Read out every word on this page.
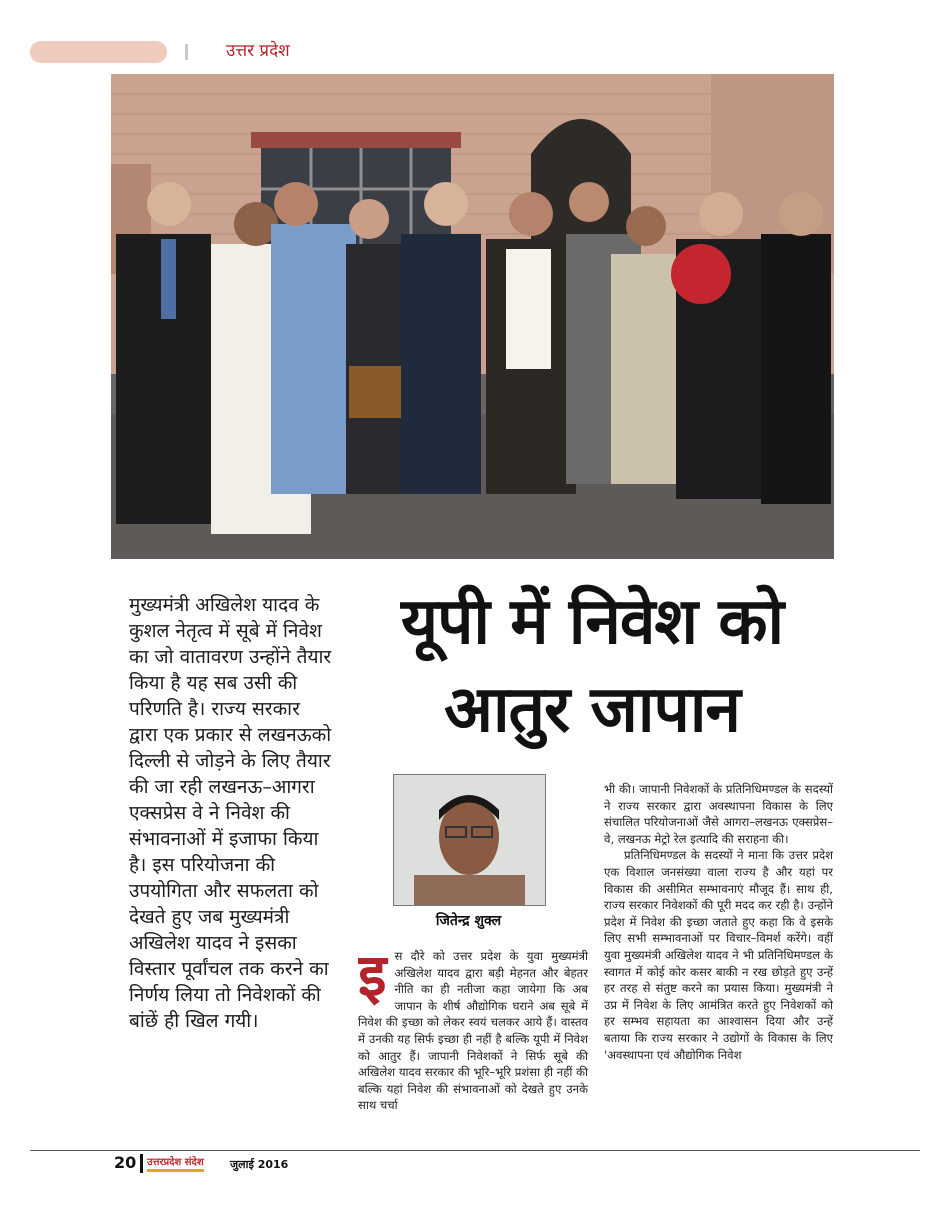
उत्तर प्रदेश
मुख्यमंत्री अखिलेश यादव के कुशल नेतृत्व में सूबे में निवेश का जो वातावरण उन्होंने तैयार किया है यह सब उसी की परिणति है। राज्य सरकार द्वारा एक प्रकार से लखनऊको दिल्ली से जोड़ने के लिए तैयार की जा रही लखनऊ–आगरा एक्सप्रेस वे ने निवेश की संभावनाओं में इजाफा किया है। इस परियोजना की उपयोगिता और सफलता को देखते हुए जब मुख्यमंत्री अखिलेश यादव ने इसका विस्तार पूर्वांचल तक करने का निर्णय लिया तो निवेशकों की बांछें ही खिल गयी।
यूपी में निवेश को
आतुर जापान
जितेन्द्र शुक्ल
इ स दौरे को उत्तर प्रदेश के युवा मुख्यमंत्री अखिलेश यादव द्वारा बड़ी मेहनत और बेहतर नीति का ही नतीजा कहा जायेगा कि अब जापान के शीर्ष औद्योगिक घराने अब सूबे में निवेश की इच्छा को लेकर स्वयं चलकर आये हैं। वास्तव में उनकी यह सिर्फ इच्छा ही नहीं है बल्कि यूपी में निवेश को आतुर हैं। जापानी निवेशकों ने सिर्फ सूबे की अखिलेश यादव सरकार की भूरि–भूरि प्रशंसा ही नहीं की बल्कि यहां निवेश की संभावनाओं को देखते हुए उनके साथ चर्चा

भी की। जापानी निवेशकों के प्रतिनिधिमण्डल के सदस्यों ने राज्य सरकार द्वारा अवस्थापना विकास के लिए संचालित परियोजनाओं जैसे आगरा–लखनऊ एक्सप्रेस–वे, लखनऊ मेट्रो रेल इत्यादि की सराहना की।

प्रतिनिधिमण्डल के सदस्यों ने माना कि उत्तर प्रदेश एक विशाल जनसंख्या वाला राज्य है और यहां पर विकास की असीमित सम्भावनाएं मौजूद हैं। साथ ही, राज्य सरकार निवेशकों की पूरी मदद कर रही है। उन्होंने प्रदेश में निवेश की इच्छा जताते हुए कहा कि वे इसके लिए सभी सम्भावनाओं पर विचार–विमर्श करेंगे। वहीं युवा मुख्यमंत्री अखिलेश यादव ने भी प्रतिनिधिमण्डल के स्वागत में कोई कोर कसर बाकी न रख छोड़ते हुए उन्हें हर तरह से संतुष्ट करने का प्रयास किया। मुख्यमंत्री ने उप्र में निवेश के लिए आमंत्रित करते हुए निवेशकों को हर सम्भव सहायता का आश्वासन दिया और उन्हें बताया कि राज्य सरकार ने उद्योगों के विकास के लिए 'अवस्थापना एवं औद्योगिक निवेश

20 उत्तरप्रदेश संदेश जुलाई 2016
